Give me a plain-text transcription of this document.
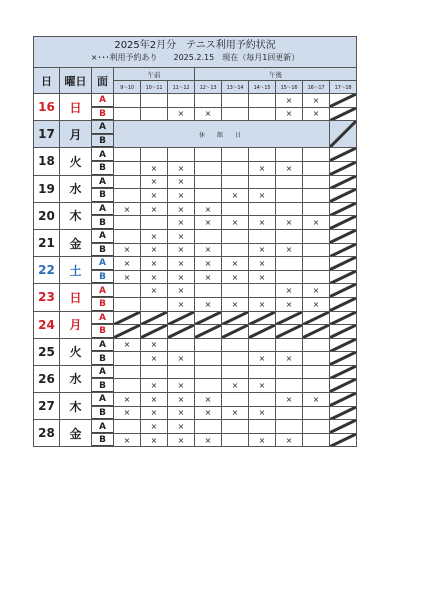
2025年2月分　テニス利用予約状況
×･･･利用予約あり　　2025.2.15　現在（毎月1回更新）											

日	曜日	面	午前			午後					
			9～10	10～11	11～12	12～13	13～14	14～15	15～16	16～17	17～18
16	日	A							×	×	

		B			×	×			×	×	

17	月	A	休　館　日	

		B									
18	火	A									

		B		×	×			×	×		

19	水	A		×	×						

		B		×	×		×	×			

20	木	A	×	×	×	×					

		B			×	×	×	×	×	×	

21	金	A		×	×						

		B	×	×	×	×		×	×		

22	土	A	×	×	×	×	×	×			

		B	×	×	×	×	×	×			

23	日	A		×	×				×	×	

		B			×	×	×	×	×	×	

24	月	A	

		B	

25	火	A	×	×							

		B		×	×			×	×		

26	水	A									

		B		×	×		×	×			

27	木	A	×	×	×	×			×	×	

		B	×	×	×	×	×	×			

28	金	A		×	×						

		B	×	×	×	×		×	×		
